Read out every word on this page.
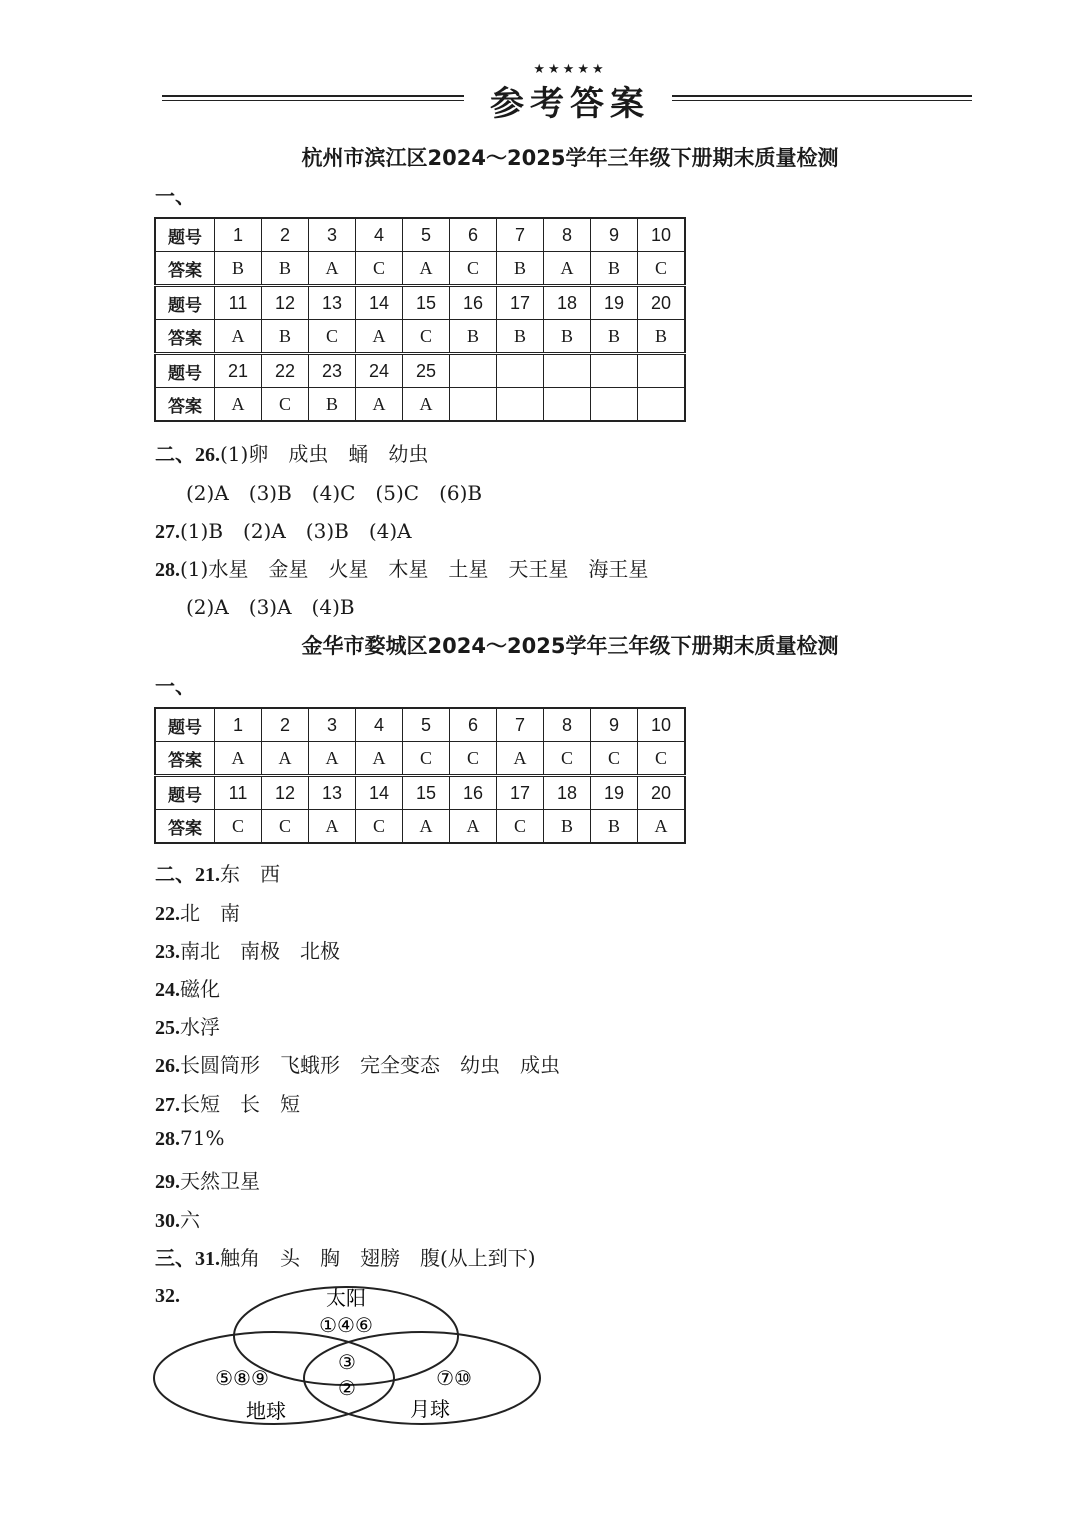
★★★★★
参考答案
杭州市滨江区2024～2025学年三年级下册期末质量检测
一、
题号	1	2	3	4	5	6	7	8	9	10
答案	B	B	A	C	A	C	B	A	B	C
题号	11	12	13	14	15	16	17	18	19	20
答案	A	B	C	A	C	B	B	B	B	B
题号	21	22	23	24	25					
答案	A	C	B	A	A					
二、26.(1)卵　成虫　蛹　幼虫
(2)A　(3)B　(4)C　(5)C　(6)B
27.(1)B　(2)A　(3)B　(4)A
28.(1)水星　金星　火星　木星　土星　天王星　海王星
(2)A　(3)A　(4)B
金华市婺城区2024～2025学年三年级下册期末质量检测
一、
题号	1	2	3	4	5	6	7	8	9	10
答案	A	A	A	A	C	C	A	C	C	C
题号	11	12	13	14	15	16	17	18	19	20
答案	C	C	A	C	A	A	C	B	B	A
二、21.东　西
22.北　南
23.南北　南极　北极
24.磁化
25.水浮
26.长圆筒形　飞蛾形　完全变态　幼虫　成虫
27.长短　长　短
28.71%
29.天然卫星
30.六
三、31.触角　头　胸　翅膀　腹(从上到下)
32.	太阳
①④⑥
③
②
⑤⑧⑨
地球
⑦⑩
月球
